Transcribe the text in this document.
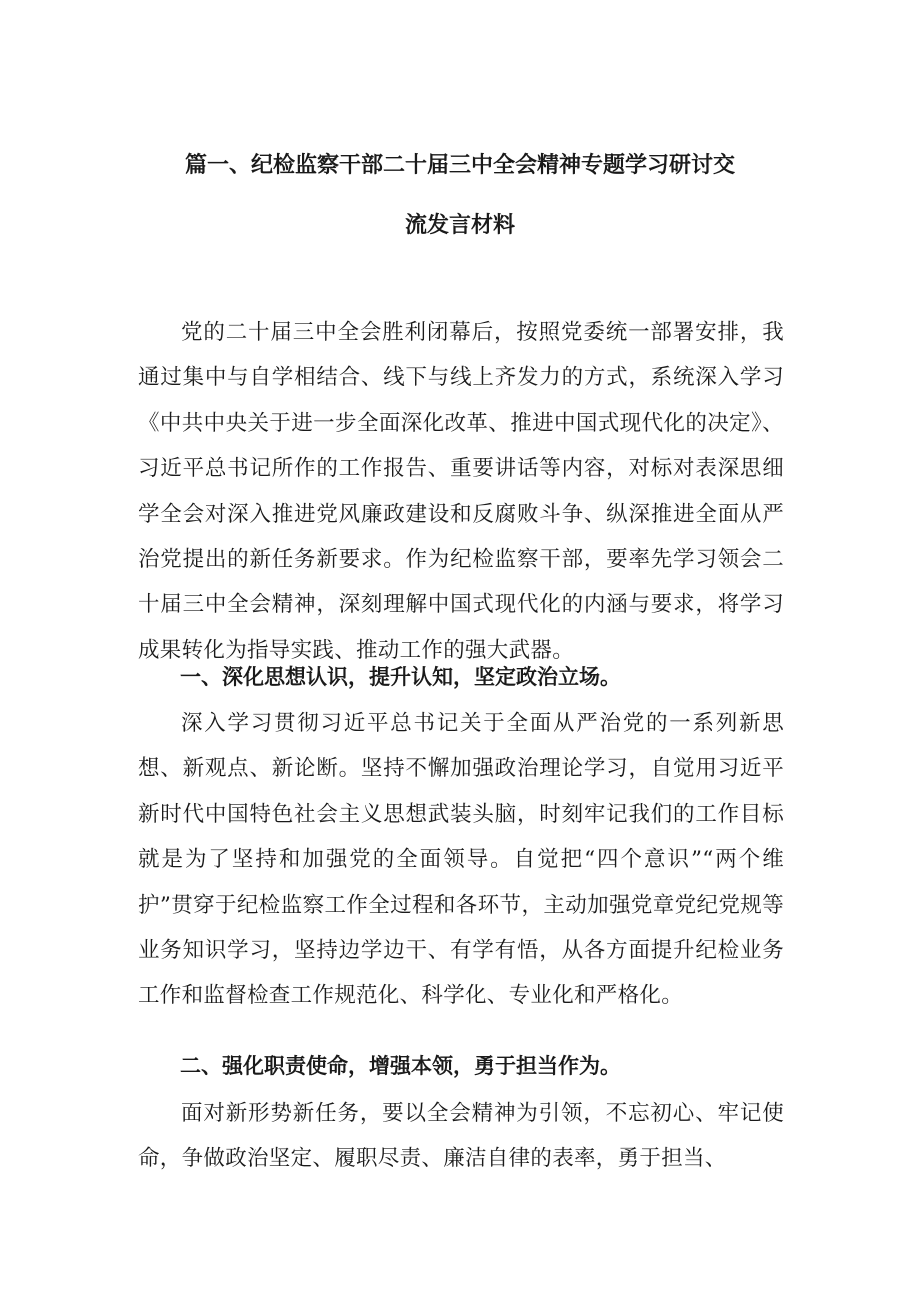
篇一、纪检监察干部二十届三中全会精神专题学习研讨交
流发言材料

党的二十届三中全会胜利闭幕后，按照党委统一部署安排，我通过集中与自学相结合、线下与线上齐发力的方式，系统深入学习《中共中央关于进一步全面深化改革、推进中国式现代化的决定》、习近平总书记所作的工作报告、重要讲话等内容，对标对表深思细学全会对深入推进党风廉政建设和反腐败斗争、纵深推进全面从严治党提出的新任务新要求。作为纪检监察干部，要率先学习领会二十届三中全会精神，深刻理解中国式现代化的内涵与要求，将学习成果转化为指导实践、推动工作的强大武器。

一、深化思想认识，提升认知，坚定政治立场。

深入学习贯彻习近平总书记关于全面从严治党的一系列新思想、新观点、新论断。坚持不懈加强政治理论学习，自觉用习近平新时代中国特色社会主义思想武装头脑，时刻牢记我们的工作目标就是为了坚持和加强党的全面领导。自觉把“四个意识”“两个维护”贯穿于纪检监察工作全过程和各环节，主动加强党章党纪党规等业务知识学习，坚持边学边干、有学有悟，从各方面提升纪检业务工作和监督检查工作规范化、科学化、专业化和严格化。

二、强化职责使命，增强本领，勇于担当作为。

面对新形势新任务，要以全会精神为引领，不忘初心、牢记使命，争做政治坚定、履职尽责、廉洁自律的表率，勇于担当、
